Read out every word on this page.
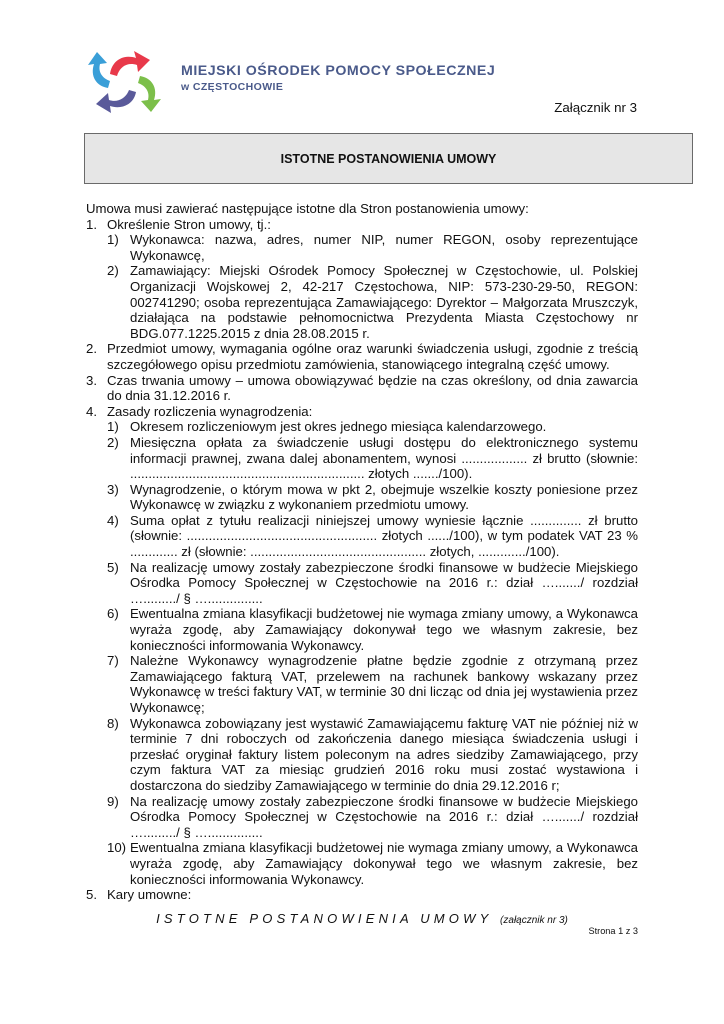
MIEJSKI OŚRODEK POMOCY SPOŁECZNEJ
w CZĘSTOCHOWIE
Załącznik nr 3
ISTOTNE POSTANOWIENIA UMOWY

Umowa musi zawierać następujące istotne dla Stron postanowienia umowy:

1. Określenie Stron umowy, tj.:
1) Wykonawca: nazwa, adres, numer NIP, numer REGON, osoby reprezentujące Wykonawcę,
2) Zamawiający: Miejski Ośrodek Pomocy Społecznej w Częstochowie, ul. Polskiej Organizacji Wojskowej 2, 42-217 Częstochowa, NIP: 573-230-29-50, REGON: 002741290; osoba reprezentująca Zamawiającego: Dyrektor – Małgorzata Mruszczyk, działająca na podstawie pełnomocnictwa Prezydenta Miasta Częstochowy nr BDG.077.1225.2015 z dnia 28.08.2015 r.
2. Przedmiot umowy, wymagania ogólne oraz warunki świadczenia usługi, zgodnie z treścią szczegółowego opisu przedmiotu zamówienia, stanowiącego integralną część umowy.
3. Czas trwania umowy – umowa obowiązywać będzie na czas określony, od dnia zawarcia do dnia 31.12.2016 r.
4. Zasady rozliczenia wynagrodzenia:
1) Okresem rozliczeniowym jest okres jednego miesiąca kalendarzowego.
2) Miesięczna opłata za świadczenie usługi dostępu do elektronicznego systemu informacji prawnej, zwana dalej abonamentem, wynosi .................. zł brutto (słownie: ................................................................ złotych ......./100).
3) Wynagrodzenie, o którym mowa w pkt 2, obejmuje wszelkie koszty poniesione przez Wykonawcę w związku z wykonaniem przedmiotu umowy.
4) Suma opłat z tytułu realizacji niniejszej umowy wyniesie łącznie .............. zł brutto (słownie: .................................................... złotych ....../100), w tym podatek VAT 23 % ............. zł (słownie: ................................................ złotych, ............./100).
5) Na realizację umowy zostały zabezpieczone środki finansowe w budżecie Miejskiego Ośrodka Pomocy Społecznej w Częstochowie na 2016 r.: dział …......./ rozdział …........./ § …...............
6) Ewentualna zmiana klasyfikacji budżetowej nie wymaga zmiany umowy, a Wykonawca wyraża zgodę, aby Zamawiający dokonywał tego we własnym zakresie, bez konieczności informowania Wykonawcy.
7) Należne Wykonawcy wynagrodzenie płatne będzie zgodnie z otrzymaną przez Zamawiającego fakturą VAT, przelewem na rachunek bankowy wskazany przez Wykonawcę w treści faktury VAT, w terminie 30 dni licząc od dnia jej wystawienia przez Wykonawcę;
8) Wykonawca zobowiązany jest wystawić Zamawiającemu fakturę VAT nie później niż w terminie 7 dni roboczych od zakończenia danego miesiąca świadczenia usługi i przesłać oryginał faktury listem poleconym na adres siedziby Zamawiającego, przy czym faktura VAT za miesiąc grudzień 2016 roku musi zostać wystawiona i dostarczona do siedziby Zamawiającego w terminie do dnia 29.12.2016 r;
9) Na realizację umowy zostały zabezpieczone środki finansowe w budżecie Miejskiego Ośrodka Pomocy Społecznej w Częstochowie na 2016 r.: dział …......./ rozdział …........./ § …...............
10) Ewentualna zmiana klasyfikacji budżetowej nie wymaga zmiany umowy, a Wykonawca wyraża zgodę, aby Zamawiający dokonywał tego we własnym zakresie, bez konieczności informowania Wykonawcy.
5. Kary umowne:
ISTOTNE POSTANOWIENIA UMOWY (załącznik nr 3)
Strona 1 z 3
